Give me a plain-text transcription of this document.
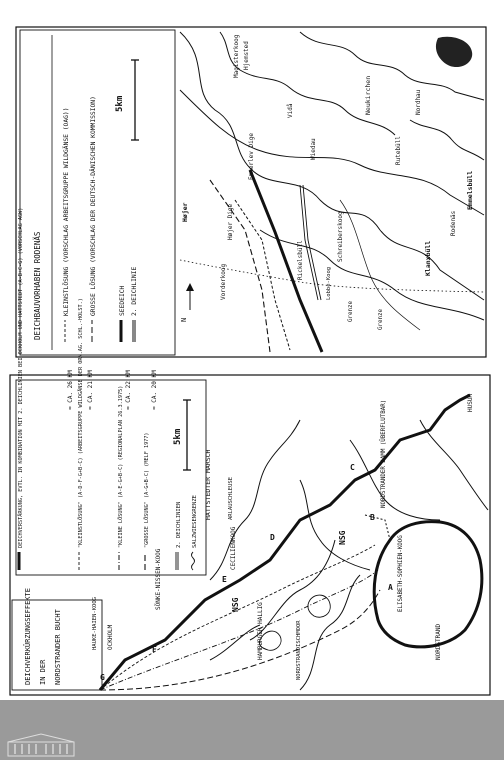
DEICHBAUVORHABEN RODENÄS	KLEINSTLÖSUNG (VORSCHLAG ARBEITSGRUPPE WILDGÄNSE (OAG))	GROSSE LÖSUNG (VORSCHLAG DER DEUTSCH-DÄNISCHEN KOMMISSION)	SEEDEICH 2. DEICHLINIE
5km
Højer	Højer Dige
Emmerlev Dige
Vidå
Magisterkoog Hjemsted
Neukirchen
Schreiberskoog
Rickelsbüll	Klanxbüll
Rodenäs
Grenze	Grenze
Emmelsbüll
Vorderkoog
Wiedau
Nordhau
Lobbe-Koog
Rutebüll
N
DEICHVERKÜRZUNGSEFFEKTE IN DER NORDSTRANDER BUCHT
DEICHVERSTÄRKUNG, EVTL. IN KOMBINATION MIT 2. DEICHLINIEN BEI OCKHOLM UND HATTSTEDT (A-B+C-G) (VORSCHLAG AGW)	≈ CA. 26 KM "KLEINSTLÖSUNG" (A-D-F-G+B-C) (ARBEITSGRUPPE WILDGÄNSE DER ORN.AG. SCHL.-HOLST.) ≈ CA. 21 KM	"KLEINE LÖSUNG" (A-E-G+B-C) (REGIONALPLAN 26.3.1975) ≈ CA. 22 KM
"GROSSE LÖSUNG" (A-G+B-C) (MELF 1977)
≈ CA. 20 KM
2. DEICHLINIEN SALZWIESENGRENZE
5km
G
F
E
D
C
B
A
HAUKE-HAIEN-KOOG OCKHOLM
SÖNKE-NISSEN-KOOG
CECILIENKOOG
HATTSTEDTER MARSCH	ARLAUSCHLEUSE
HAMBURGER HALLIG
NSG
NSG
NORDSTRANDISCHMOOR
NORDSTRANDER DAMM (ÜBERFLUTBAR)
ELISABETH-SOPHIEN-KOOG
NORDSTRAND
HUSUM
